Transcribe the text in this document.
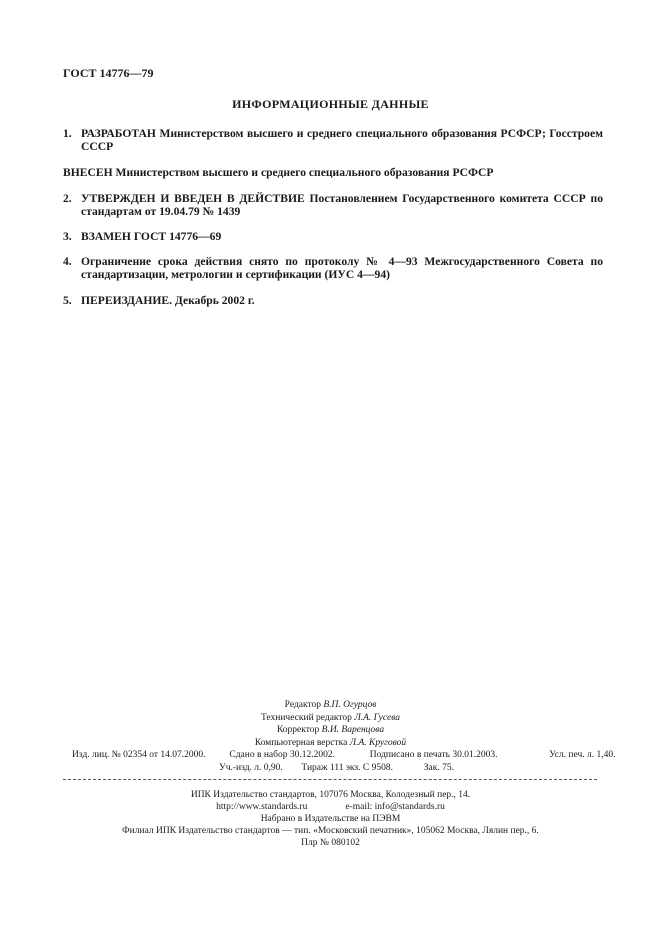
ГОСТ 14776—79
ИНФОРМАЦИОННЫЕ ДАННЫЕ
1. РАЗРАБОТАН Министерством высшего и среднего специального образования РСФСР; Госстроем СССР
ВНЕСЕН Министерством высшего и среднего специального образования РСФСР
2. УТВЕРЖДЕН И ВВЕДЕН В ДЕЙСТВИЕ Постановлением Государственного комитета СССР по стандартам от 19.04.79 № 1439
3. ВЗАМЕН ГОСТ 14776—69
4. Ограничение срока действия снято по протоколу № 4—93 Межгосударственного Совета по стандартизации, метрологии и сертификации (ИУС 4—94)
5. ПЕРЕИЗДАНИЕ. Декабрь 2002 г.
Редактор В.П. Огурцов
Технический редактор Л.А. Гусева
Корректор В.И. Варенцова
Компьютерная верстка Л.А. Круговой
Изд. лиц. № 02354 от 14.07.2000.	Сдано в набор 30.12.2002.	Подписано в печать 30.01.2003.	Усл. печ. л. 1,40.
Уч.-изд. л. 0,90. Тираж 111 экз. С 9508.	Зак. 75.
ИПК Издательство стандартов, 107076 Москва, Колодезный пер., 14.
http://www.standards.ru	e-mail: info@standards.ru
Набрано в Издательстве на ПЭВМ
Филиал ИПК Издательство стандартов — тип. «Московский печатник», 105062 Москва, Лялин пер., 6.
Плр № 080102
